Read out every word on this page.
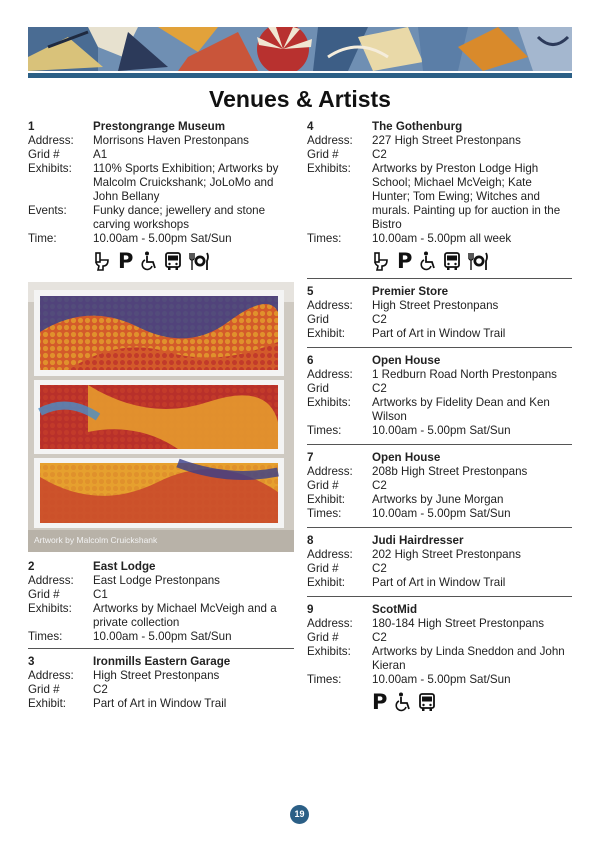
Venues & Artists
1	Prestongrange Museum
Address:	Morrisons Haven Prestonpans
Grid #	A1
Exhibits:	110% Sports Exhibition; Artworks by Malcolm Cruickshank; JoLoMo and John Bellany
Events:	Funky dance; jewellery and stone carving workshops
Time:	10.00am - 5.00pm Sat/Sun
P
Artwork by Malcolm Cruickshank
2	East Lodge
Address:	East Lodge Prestonpans
Grid #	C1
Exhibits:	Artworks by Michael McVeigh and a private collection
Times:	10.00am - 5.00pm Sat/Sun
3	Ironmills Eastern Garage
Address:	High Street Prestonpans
Grid #	C2
Exhibit:	Part of Art in Window Trail
4	The Gothenburg
Address:	227 High Street Prestonpans
Grid #	C2
Exhibits:	Artworks by Preston Lodge High School; Michael McVeigh; Kate Hunter; Tom Ewing; Witches and murals. Painting up for auction in the Bistro
Times:	10.00am - 5.00pm all week
P
5	Premier Store
Address:	High Street Prestonpans
Grid	C2
Exhibit:	Part of Art in Window Trail
6	Open House
Address:	1 Redburn Road North Prestonpans
Grid	C2
Exhibits:	Artworks by Fidelity Dean and Ken Wilson
Times:	10.00am - 5.00pm Sat/Sun
7	Open House
Address:	208b High Street Prestonpans
Grid #	C2
Exhibit:	Artworks by June Morgan
Times:	10.00am - 5.00pm Sat/Sun
8	Judi Hairdresser
Address:	202 High Street Prestonpans
Grid #	C2
Exhibit:	Part of Art in Window Trail
9	ScotMid
Address:	180-184 High Street Prestonpans
Grid #	C2
Exhibits:	Artworks by Linda Sneddon and John Kieran
Times:	10.00am - 5.00pm Sat/Sun
P
19
